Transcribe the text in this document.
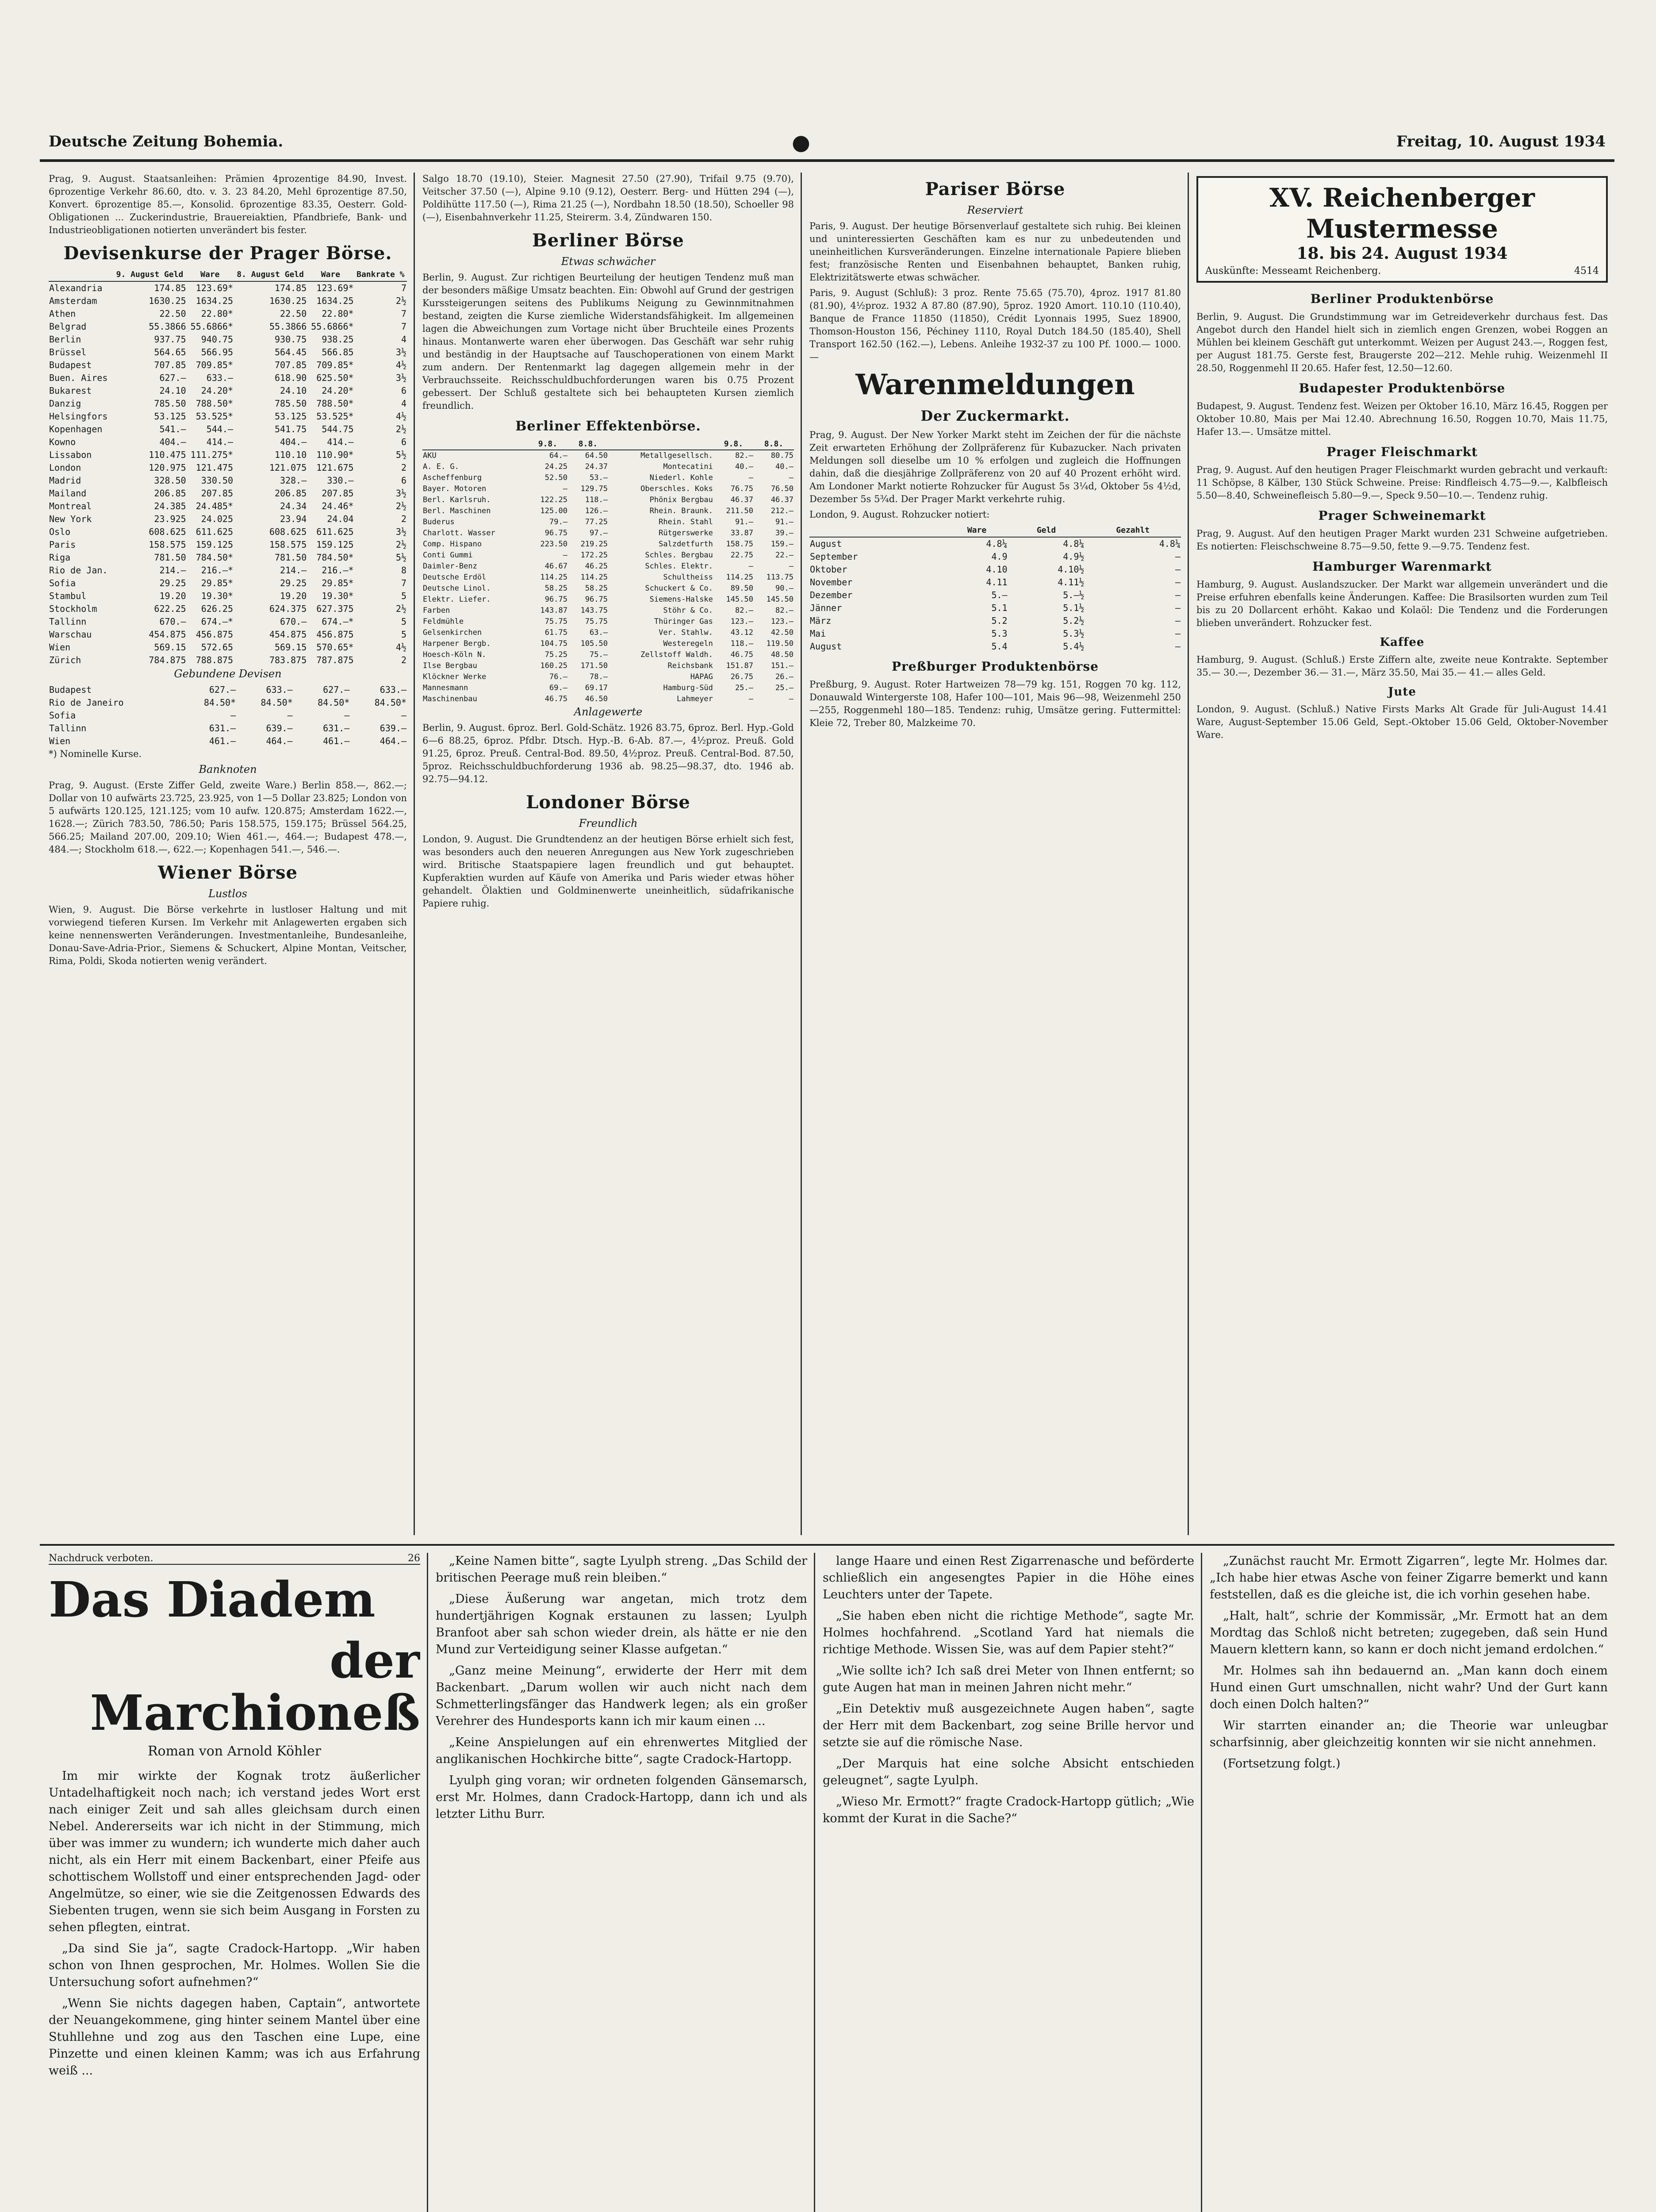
Deutsche Zeitung Bohemia.	●	Freitag, 10. August 1934

Prag, 9. August. Staatsanleihen: Prämien 4prozentige 84.90, Invest. 6prozentige Verkehr 86.60, dto. v. 3. 23 84.20, Mehl 6prozentige 87.50, Konvert. 6prozentige 85.—, Konsolid. 6prozentige 83.35, Oesterr. Gold-Obligationen ... Zuckerindustrie, Brauereiaktien, Pfandbriefe, Bank- und Industrieobligationen notierten unverändert bis fester.

Devisenkurse der Prager Börse.
	9. August Geld	Ware	8. August Geld	Ware	Bankrate %
Alexandria	174.85	123.69*	174.85	123.69*	7
Amsterdam	1630.25	1634.25	1630.25	1634.25	2½
Athen	22.50	22.80*	22.50	22.80*	7
Belgrad	55.3866	55.6866*	55.3866	55.6866*	7
Berlin	937.75	940.75	930.75	938.25	4
Brüssel	564.65	566.95	564.45	566.85	3½
Budapest	707.85	709.85*	707.85	709.85*	4½
Buen. Aires	627.—	633.—	618.90	625.50*	3½
Bukarest	24.10	24.20*	24.10	24.20*	6
Danzig	785.50	788.50*	785.50	788.50*	4
Helsingfors	53.125	53.525*	53.125	53.525*	4½
Kopenhagen	541.—	544.—	541.75	544.75	2½
Kowno	404.—	414.—	404.—	414.—	6
Lissabon	110.475	111.275*	110.10	110.90*	5½
London	120.975	121.475	121.075	121.675	2
Madrid	328.50	330.50	328.—	330.—	6
Mailand	206.85	207.85	206.85	207.85	3½
Montreal	24.385	24.485*	24.34	24.46*	2½
New York	23.925	24.025	23.94	24.04	2
Oslo	608.625	611.625	608.625	611.625	3½
Paris	158.575	159.125	158.575	159.125	2½
Riga	781.50	784.50*	781.50	784.50*	5½
Rio de Jan.	214.—	216.—*	214.—	216.—*	8
Sofia	29.25	29.85*	29.25	29.85*	7
Stambul	19.20	19.30*	19.20	19.30*	5
Stockholm	622.25	626.25	624.375	627.375	2½
Tallinn	670.—	674.—*	670.—	674.—*	5
Warschau	454.875	456.875	454.875	456.875	5
Wien	569.15	572.65	569.15	570.65*	4½
Zürich	784.875	788.875	783.875	787.875	2
Gebundene Devisen
Budapest	627.—	633.—	627.—	633.—
Rio de Janeiro	84.50*	84.50*	84.50*	84.50*
Sofia	—	—	—	—
Tallinn	631.—	639.—	631.—	639.—
Wien	461.—	464.—	461.—	464.—

*) Nominelle Kurse.

Banknoten

Prag, 9. August. (Erste Ziffer Geld, zweite Ware.) Berlin 858.—, 862.—; Dollar von 10 aufwärts 23.725, 23.925, von 1—5 Dollar 23.825; London von 5 aufwärts 120.125, 121.125; vom 10 aufw. 120.875; Amsterdam 1622.—, 1628.—; Zürich 783.50, 786.50; Paris 158.575, 159.175; Brüssel 564.25, 566.25; Mailand 207.00, 209.10; Wien 461.—, 464.—; Budapest 478.—, 484.—; Stockholm 618.—, 622.—; Kopenhagen 541.—, 546.—.

Wiener Börse
Lustlos

Wien, 9. August. Die Börse verkehrte in lustloser Haltung und mit vorwiegend tieferen Kursen. Im Verkehr mit Anlagewerten ergaben sich keine nennenswerten Veränderungen. Investmentanleihe, Bundesanleihe, Donau-Save-Adria-Prior., Siemens & Schuckert, Alpine Montan, Veitscher, Rima, Poldi, Skoda notierten wenig verändert.

Salgo 18.70 (19.10), Steier. Magnesit 27.50 (27.90), Trifail 9.75 (9.70), Veitscher 37.50 (—), Alpine 9.10 (9.12), Oesterr. Berg- und Hütten 294 (—), Poldihütte 117.50 (—), Rima 21.25 (—), Nordbahn 18.50 (18.50), Schoeller 98 (—), Eisenbahnverkehr 11.25, Steirerm. 3.4, Zündwaren 150.

Berliner Börse
Etwas schwächer

Berlin, 9. August. Zur richtigen Beurteilung der heutigen Tendenz muß man der besonders mäßige Umsatz beachten. Ein: Obwohl auf Grund der gestrigen Kurssteigerungen seitens des Publikums Neigung zu Gewinnmitnahmen bestand, zeigten die Kurse ziemliche Widerstandsfähigkeit. Im allgemeinen lagen die Abweichungen zum Vortage nicht über Bruchteile eines Prozents hinaus. Montanwerte waren eher überwogen. Das Geschäft war sehr ruhig und beständig in der Hauptsache auf Tauschoperationen von einem Markt zum andern. Der Rentenmarkt lag dagegen allgemein mehr in der Verbrauchsseite. Reichsschuldbuchforderungen waren bis 0.75 Prozent gebessert. Der Schluß gestaltete sich bei behaupteten Kursen ziemlich freundlich.

Berliner Effektenbörse.
	9.8.	8.8.		9.8.	8.8.
AKU	64.—	64.50	Metallgesellsch.	82.—	80.75
A. E. G.	24.25	24.37	Montecatini	40.—	40.—
Ascheffenburg	52.50	53.—	Niederl. Kohle	—	—
Bayer. Motoren	—	129.75	Oberschles. Koks	76.75	76.50
Berl. Karlsruh.	122.25	118.—	Phönix Bergbau	46.37	46.37
Berl. Maschinen	125.00	126.—	Rhein. Braunk.	211.50	212.—
Buderus	79.—	77.25	Rhein. Stahl	91.—	91.—
Charlott. Wasser	96.75	97.—	Rütgerswerke	33.87	39.—
Comp. Hispano	223.50	219.25	Salzdetfurth	158.75	159.—
Conti Gummi	—	172.25	Schles. Bergbau	22.75	22.—
Daimler-Benz	46.67	46.25	Schles. Elektr.	—	—
Deutsche Erdöl	114.25	114.25	Schultheiss	114.25	113.75
Deutsche Linol.	58.25	58.25	Schuckert & Co.	89.50	90.—
Elektr. Liefer.	96.75	96.75	Siemens-Halske	145.50	145.50
Farben	143.87	143.75	Stöhr & Co.	82.—	82.—
Feldmühle	75.75	75.75	Thüringer Gas	123.—	123.—
Gelsenkirchen	61.75	63.—	Ver. Stahlw.	43.12	42.50
Harpener Bergb.	104.75	105.50	Westeregeln	118.—	119.50
Hoesch-Köln N.	75.25	75.—	Zellstoff Waldh.	46.75	48.50
Ilse Bergbau	160.25	171.50	Reichsbank	151.87	151.—
Klöckner Werke	76.—	78.—	HAPAG	26.75	26.—
Mannesmann	69.—	69.17	Hamburg-Süd	25.—	25.—
Maschinenbau	46.75	46.50	Lahmeyer	—	—
Anlagewerte

Berlin, 9. August. 6proz. Berl. Gold-Schätz. 1926 83.75, 6proz. Berl. Hyp.-Gold 6—6 88.25, 6proz. Pfdbr. Dtsch. Hyp.-B. 6-Ab. 87.—, 4½proz. Preuß. Gold 91.25, 6proz. Preuß. Central-Bod. 89.50, 4½proz. Preuß. Central-Bod. 87.50, 5proz. Reichsschuldbuchforderung 1936 ab. 98.25—98.37, dto. 1946 ab. 92.75—94.12.

Londoner Börse
Freundlich

London, 9. August. Die Grundtendenz an der heutigen Börse erhielt sich fest, was besonders auch den neueren Anregungen aus New York zugeschrieben wird. Britische Staatspapiere lagen freundlich und gut behauptet. Kupferaktien wurden auf Käufe von Amerika und Paris wieder etwas höher gehandelt. Ölaktien und Goldminenwerte uneinheitlich, südafrikanische Papiere ruhig.

Pariser Börse
Reserviert

Paris, 9. August. Der heutige Börsenverlauf gestaltete sich ruhig. Bei kleinen und uninteressierten Geschäften kam es nur zu unbedeutenden und uneinheitlichen Kursveränderungen. Einzelne internationale Papiere blieben fest; französische Renten und Eisenbahnen behauptet, Banken ruhig, Elektrizitätswerte etwas schwächer.

Paris, 9. August (Schluß): 3 proz. Rente 75.65 (75.70), 4proz. 1917 81.80 (81.90), 4½proz. 1932 A 87.80 (87.90), 5proz. 1920 Amort. 110.10 (110.40), Banque de France 11850 (11850), Crédit Lyonnais 1995, Suez 18900, Thomson-Houston 156, Péchiney 1110, Royal Dutch 184.50 (185.40), Shell Transport 162.50 (162.—), Lebens. Anleihe 1932-37 zu 100 Pf. 1000.— 1000.—

Warenmeldungen
Der Zuckermarkt.

Prag, 9. August. Der New Yorker Markt steht im Zeichen der für die nächste Zeit erwarteten Erhöhung der Zollpräferenz für Kubazucker. Nach privaten Meldungen soll dieselbe um 10 % erfolgen und zugleich die Hoffnungen dahin, daß die diesjährige Zollpräferenz von 20 auf 40 Prozent erhöht wird. Am Londoner Markt notierte Rohzucker für August 5s 3¼d, Oktober 5s 4½d, Dezember 5s 5¾d. Der Prager Markt verkehrte ruhig.

London, 9. August. Rohzucker notiert:

	Ware	Geld	Gezahlt
August	4.8¼	4.8¼	4.8¼
September	4.9	4.9½	—
Oktober	4.10	4.10½	—
November	4.11	4.11½	—
Dezember	5.—	5.—½	—
Jänner	5.1	5.1½	—
März	5.2	5.2½	—
Mai	5.3	5.3½	—
August	5.4	5.4½	—
Preßburger Produktenbörse

Preßburg, 9. August. Roter Hartweizen 78—79 kg. 151, Roggen 70 kg. 112, Donauwald Wintergerste 108, Hafer 100—101, Mais 96—98, Weizenmehl 250—255, Roggenmehl 180—185. Tendenz: ruhig, Umsätze gering. Futtermittel: Kleie 72, Treber 80, Malzkeime 70.

XV. Reichenberger Mustermesse
18. bis 24. August 1934
Auskünfte: Messeamt Reichenberg.	4514
Berliner Produktenbörse

Berlin, 9. August. Die Grundstimmung war im Getreideverkehr durchaus fest. Das Angebot durch den Handel hielt sich in ziemlich engen Grenzen, wobei Roggen an Mühlen bei kleinem Geschäft gut unterkommt. Weizen per August 243.—, Roggen fest, per August 181.75. Gerste fest, Braugerste 202—212. Mehle ruhig. Weizenmehl II 28.50, Roggenmehl II 20.65. Hafer fest, 12.50—12.60.

Budapester Produktenbörse

Budapest, 9. August. Tendenz fest. Weizen per Oktober 16.10, März 16.45, Roggen per Oktober 10.80, Mais per Mai 12.40. Abrechnung 16.50, Roggen 10.70, Mais 11.75, Hafer 13.—. Umsätze mittel.

Prager Fleischmarkt

Prag, 9. August. Auf den heutigen Prager Fleischmarkt wurden gebracht und verkauft: 11 Schöpse, 8 Kälber, 130 Stück Schweine. Preise: Rindfleisch 4.75—9.—, Kalbfleisch 5.50—8.40, Schweinefleisch 5.80—9.—, Speck 9.50—10.—. Tendenz ruhig.

Prager Schweinemarkt

Prag, 9. August. Auf den heutigen Prager Markt wurden 231 Schweine aufgetrieben. Es notierten: Fleischschweine 8.75—9.50, fette 9.—9.75. Tendenz fest.

Hamburger Warenmarkt

Hamburg, 9. August. Auslandszucker. Der Markt war allgemein unverändert und die Preise erfuhren ebenfalls keine Änderungen. Kaffee: Die Brasilsorten wurden zum Teil bis zu 20 Dollarcent erhöht. Kakao und Kolaöl: Die Tendenz und die Forderungen blieben unverändert. Rohzucker fest.

Kaffee

Hamburg, 9. August. (Schluß.) Erste Ziffern alte, zweite neue Kontrakte. September 35.— 30.—, Dezember 36.— 31.—, März 35.50, Mai 35.— 41.— alles Geld.

Jute

London, 9. August. (Schluß.) Native Firsts Marks Alt Grade für Juli-August 14.41 Ware, August-September 15.06 Geld, Sept.-Oktober 15.06 Geld, Oktober-November Ware.

Nachdruck verboten.	26
Das Diadem
der Marchioneß
Roman von Arnold Köhler

Im mir wirkte der Kognak trotz äußerlicher Untadelhaftigkeit noch nach; ich verstand jedes Wort erst nach einiger Zeit und sah alles gleichsam durch einen Nebel. Andererseits war ich nicht in der Stimmung, mich über was immer zu wundern; ich wunderte mich daher auch nicht, als ein Herr mit einem Backenbart, einer Pfeife aus schottischem Wollstoff und einer entsprechenden Jagd- oder Angelmütze, so einer, wie sie die Zeitgenossen Edwards des Siebenten trugen, wenn sie sich beim Ausgang in Forsten zu sehen pflegten, eintrat.

„Da sind Sie ja“, sagte Cradock-Hartopp. „Wir haben schon von Ihnen gesprochen, Mr. Holmes. Wollen Sie die Untersuchung sofort aufnehmen?“

„Wenn Sie nichts dagegen haben, Captain“, antwortete der Neuangekommene, ging hinter seinem Mantel über eine Stuhllehne und zog aus den Taschen eine Lupe, eine Pinzette und einen kleinen Kamm; was ich aus Erfahrung weiß ...

„Keine Namen bitte“, sagte Lyulph streng. „Das Schild der britischen Peerage muß rein bleiben.“

„Diese Äußerung war angetan, mich trotz dem hundertjährigen Kognak erstaunen zu lassen; Lyulph Branfoot aber sah schon wieder drein, als hätte er nie den Mund zur Verteidigung seiner Klasse aufgetan.“

„Ganz meine Meinung“, erwiderte der Herr mit dem Backenbart. „Darum wollen wir auch nicht nach dem Schmetterlingsfänger das Handwerk legen; als ein großer Verehrer des Hundesports kann ich mir kaum einen ...

„Keine Anspielungen auf ein ehrenwertes Mitglied der anglikanischen Hochkirche bitte“, sagte Cradock-Hartopp.

Lyulph ging voran; wir ordneten folgenden Gänsemarsch, erst Mr. Holmes, dann Cradock-Hartopp, dann ich und als letzter Lithu Burr.

lange Haare und einen Rest Zigarrenasche und beförderte schließlich ein angesengtes Papier in die Höhe eines Leuchters unter der Tapete.

„Sie haben eben nicht die richtige Methode“, sagte Mr. Holmes hochfahrend. „Scotland Yard hat niemals die richtige Methode. Wissen Sie, was auf dem Papier steht?“

„Wie sollte ich? Ich saß drei Meter von Ihnen entfernt; so gute Augen hat man in meinen Jahren nicht mehr.“

„Ein Detektiv muß ausgezeichnete Augen haben“, sagte der Herr mit dem Backenbart, zog seine Brille hervor und setzte sie auf die römische Nase.

„Der Marquis hat eine solche Absicht entschieden geleugnet“, sagte Lyulph.

„Wieso Mr. Ermott?“ fragte Cradock-Hartopp gütlich; „Wie kommt der Kurat in die Sache?“

„Zunächst raucht Mr. Ermott Zigarren“, legte Mr. Holmes dar. „Ich habe hier etwas Asche von feiner Zigarre bemerkt und kann feststellen, daß es die gleiche ist, die ich vorhin gesehen habe.

„Halt, halt“, schrie der Kommissär, „Mr. Ermott hat an dem Mordtag das Schloß nicht betreten; zugegeben, daß sein Hund Mauern klettern kann, so kann er doch nicht jemand erdolchen.“

Mr. Holmes sah ihn bedauernd an. „Man kann doch einem Hund einen Gurt umschnallen, nicht wahr? Und der Gurt kann doch einen Dolch halten?“

Wir starrten einander an; die Theorie war unleugbar scharfsinnig, aber gleichzeitig konnten wir sie nicht annehmen.

(Fortsetzung folgt.)
